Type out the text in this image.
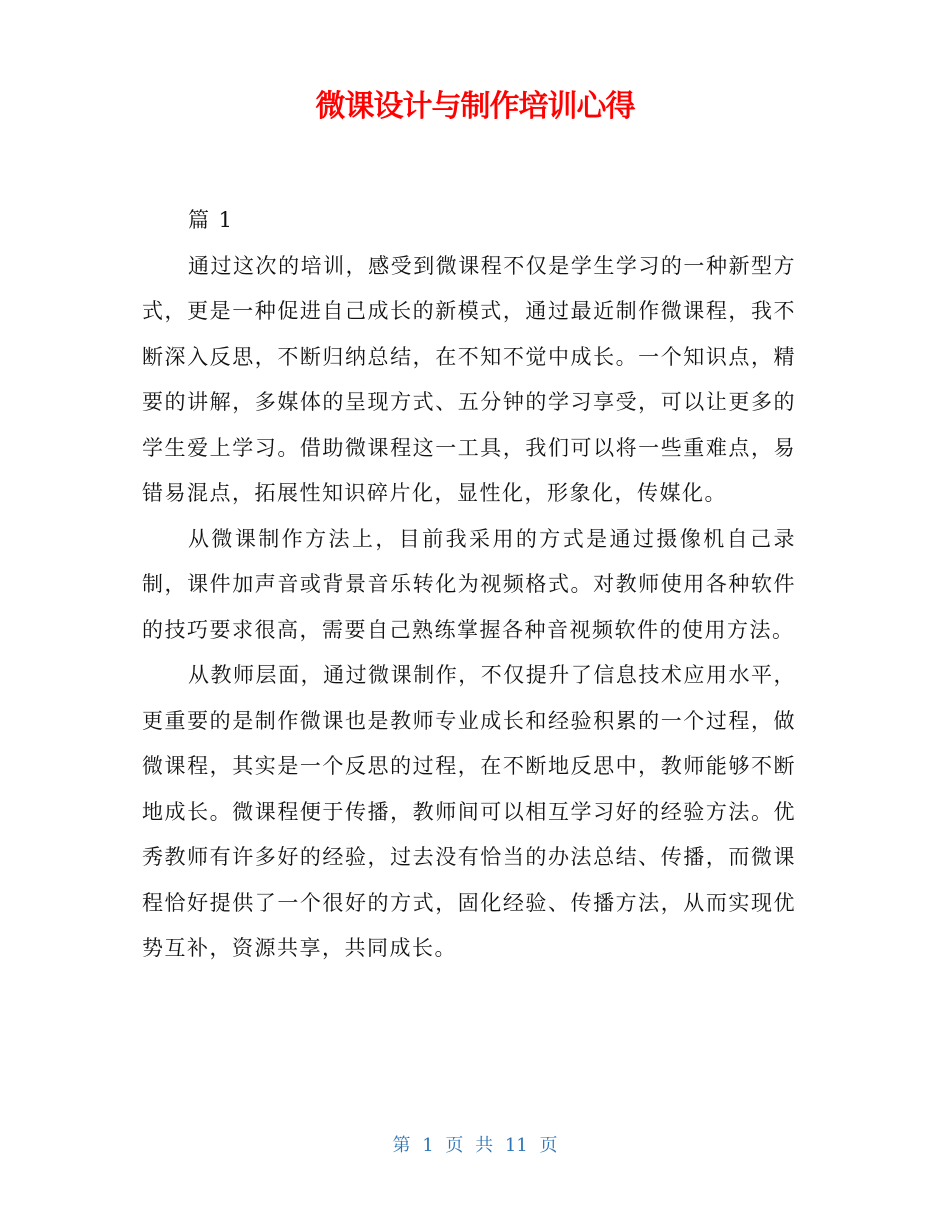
微课设计与制作培训心得

篇 1

通过这次的培训，感受到微课程不仅是学生学习的一种新型方式，更是一种促进自己成长的新模式，通过最近制作微课程，我不断深入反思，不断归纳总结，在不知不觉中成长。一个知识点，精要的讲解，多媒体的呈现方式、五分钟的学习享受，可以让更多的学生爱上学习。借助微课程这一工具，我们可以将一些重难点，易错易混点，拓展性知识碎片化，显性化，形象化，传媒化。

从微课制作方法上，目前我采用的方式是通过摄像机自己录制，课件加声音或背景音乐转化为视频格式。对教师使用各种软件的技巧要求很高，需要自己熟练掌握各种音视频软件的使用方法。

从教师层面，通过微课制作，不仅提升了信息技术应用水平，更重要的是制作微课也是教师专业成长和经验积累的一个过程，做微课程，其实是一个反思的过程，在不断地反思中，教师能够不断地成长。微课程便于传播，教师间可以相互学习好的经验方法。优秀教师有许多好的经验，过去没有恰当的办法总结、传播，而微课程恰好提供了一个很好的方式，固化经验、传播方法，从而实现优势互补，资源共享，共同成长。

第 1 页 共 11 页
